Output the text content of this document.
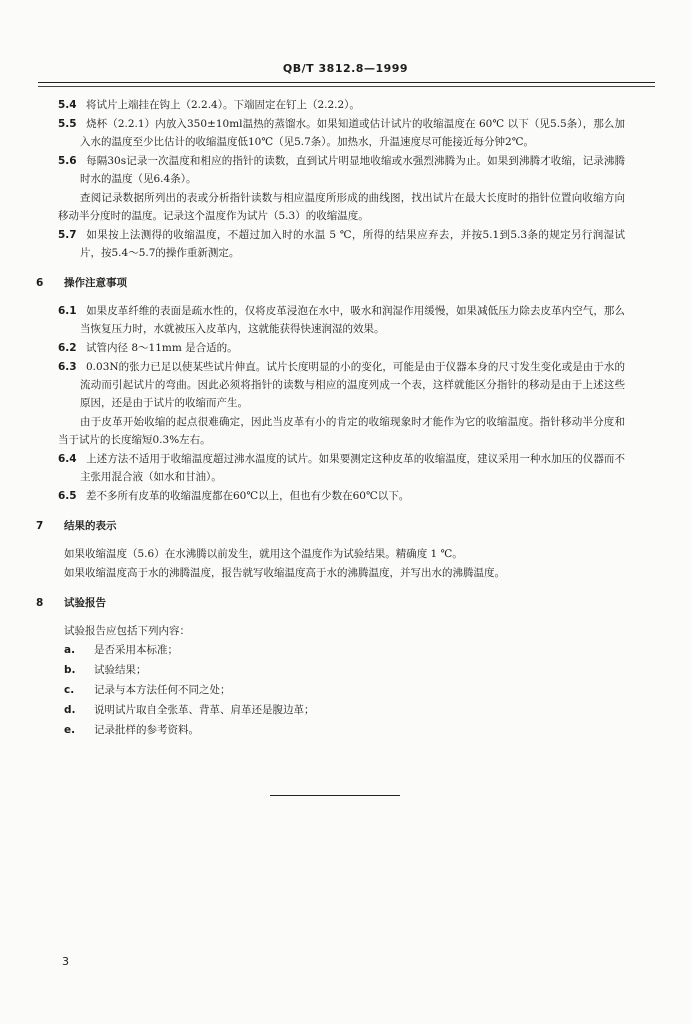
QB/T 3812.8—1999

5.4 将试片上端挂在钩上（2.2.4）。下端固定在钉上（2.2.2）。

5.5 烧杯（2.2.1）内放入350±10ml温热的蒸馏水。如果知道或估计试片的收缩温度在 60℃ 以下（见5.5条），那么加入水的温度至少比估计的收缩温度低10℃（见5.7条）。加热水，升温速度尽可能接近每分钟2℃。

5.6 每隔30s记录一次温度和相应的指针的读数，直到试片明显地收缩或水强烈沸腾为止。如果到沸腾才收缩，记录沸腾时水的温度（见6.4条）。

查阅记录数据所列出的表或分析指针读数与相应温度所形成的曲线图，找出试片在最大长度时的指针位置向收缩方向移动半分度时的温度。记录这个温度作为试片（5.3）的收缩温度。

5.7 如果按上法测得的收缩温度，不超过加入时的水温 5 ℃，所得的结果应弃去，并按5.1到5.3条的规定另行润湿试片，按5.4～5.7的操作重新测定。

6 操作注意事项

6.1 如果皮革纤维的表面是疏水性的，仅将皮革浸泡在水中，吸水和润湿作用缓慢，如果减低压力除去皮革内空气，那么当恢复压力时，水就被压入皮革内，这就能获得快速润湿的效果。

6.2 试管内径 8～11mm 是合适的。

6.3 0.03N的张力已足以使某些试片伸直。试片长度明显的小的变化，可能是由于仪器本身的尺寸发生变化或是由于水的流动而引起试片的弯曲。因此必须将指针的读数与相应的温度列成一个表，这样就能区分指针的移动是由于上述这些原因，还是由于试片的收缩而产生。

由于皮革开始收缩的起点很难确定，因此当皮革有小的肯定的收缩现象时才能作为它的收缩温度。指针移动半分度和当于试片的长度缩短0.3%左右。

6.4 上述方法不适用于收缩温度超过沸水温度的试片。如果要测定这种皮革的收缩温度，建议采用一种水加压的仪器而不主张用混合液（如水和甘油）。

6.5 差不多所有皮革的收缩温度都在60℃以上，但也有少数在60℃以下。

7 结果的表示

如果收缩温度（5.6）在水沸腾以前发生，就用这个温度作为试验结果。精确度 1 ℃。

如果收缩温度高于水的沸腾温度，报告就写收缩温度高于水的沸腾温度，并写出水的沸腾温度。

8 试验报告

试验报告应包括下列内容：

a. 是否采用本标准；
b. 试验结果；
c. 记录与本方法任何不同之处；
d. 说明试片取自全张革、背革、肩革还是腹边革；
e. 记录批样的参考资料。
3
